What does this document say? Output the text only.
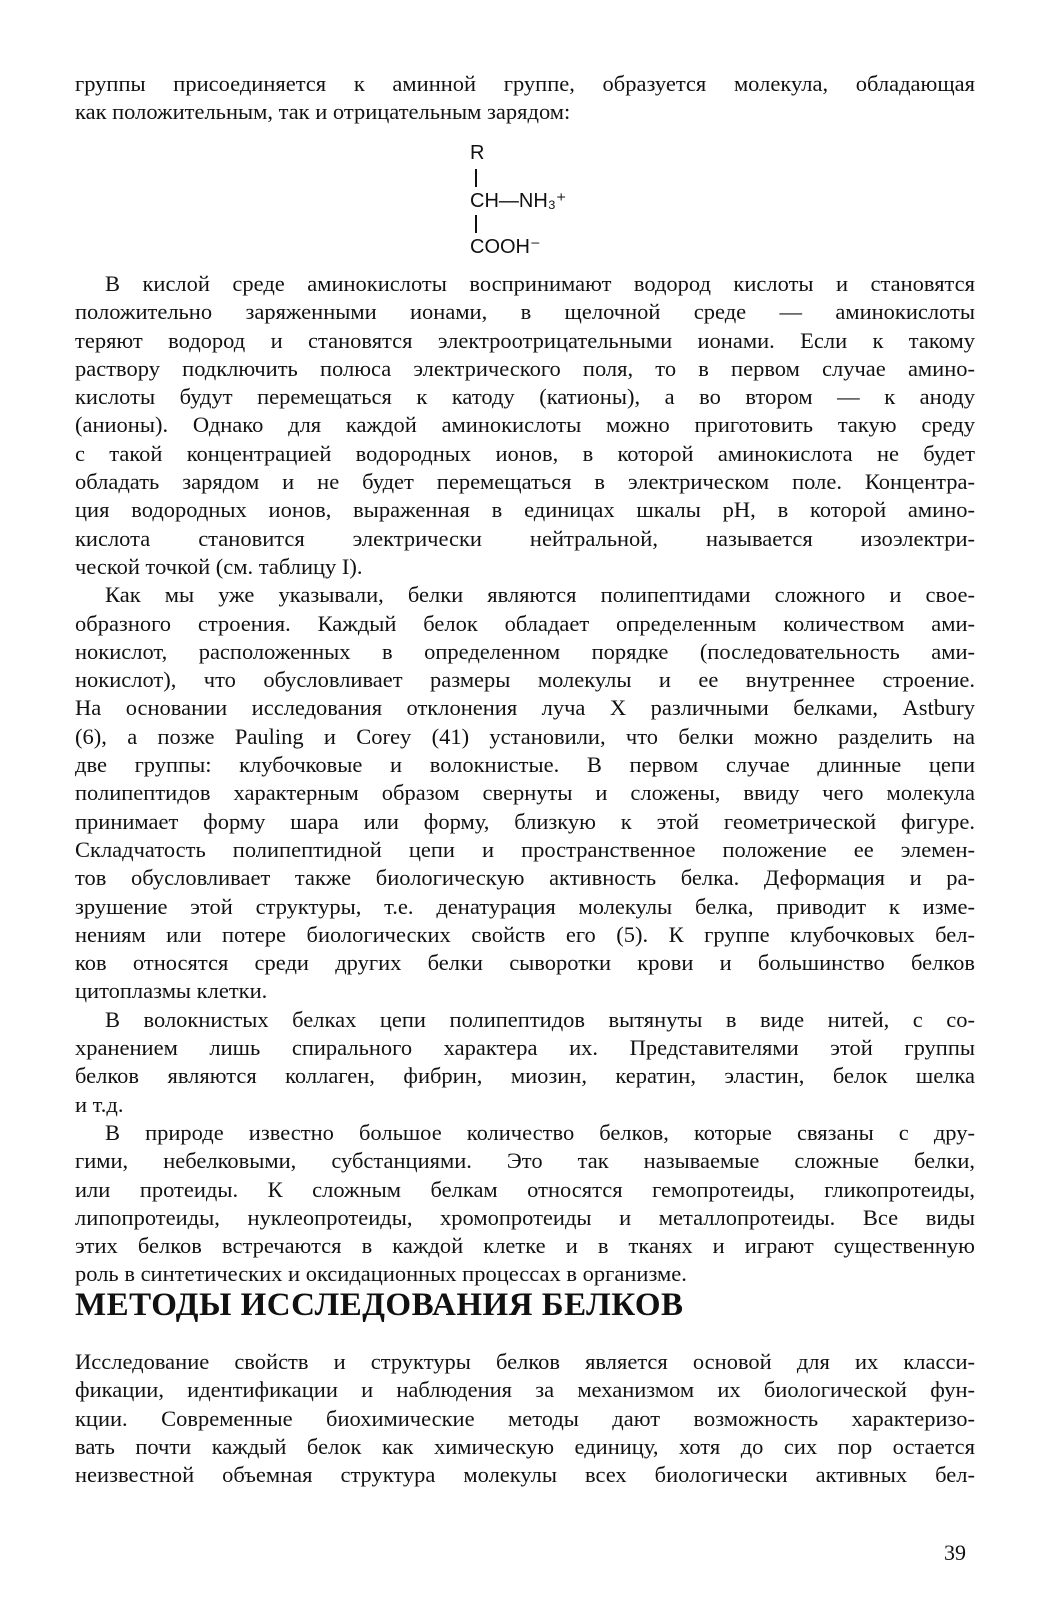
группы присоединяется к аминной группе, образуется молекула, обладающая
как положительным, так и отрицательным зарядом:
R
CH—NH₃⁺
COOH⁻
В кислой среде аминокислоты воспринимают водород кислоты и становятся
положительно заряженными ионами, в щелочной среде — аминокислоты
теряют водород и становятся электроотрицательными ионами. Если к такому
раствору подключить полюса электрического поля, то в первом случае амино-
кислоты будут перемещаться к катоду (катионы), а во втором — к аноду
(анионы). Однако для каждой аминокислоты можно приготовить такую среду
с такой концентрацией водородных ионов, в которой аминокислота не будет
обладать зарядом и не будет перемещаться в электрическом поле. Концентра-
ция водородных ионов, выраженная в единицах шкалы pH, в которой амино-
кислота становится электрически нейтральной, называется изоэлектри-
ческой точкой (см. таблицу I).
Как мы уже указывали, белки являются полипептидами сложного и свое-
образного строения. Каждый белок обладает определенным количеством ами-
нокислот, расположенных в определенном порядке (последовательность ами-
нокислот), что обусловливает размеры молекулы и ее внутреннее строение.
На основании исследования отклонения луча X различными белками, Astbury
(6), а позже Pauling и Corey (41) установили, что белки можно разделить на
две группы: клубочковые и волокнистые. В первом случае длинные цепи
полипептидов характерным образом свернуты и сложены, ввиду чего молекула
принимает форму шара или форму, близкую к этой геометрической фигуре.
Складчатость полипептидной цепи и пространственное положение ее элемен-
тов обусловливает также биологическую активность белка. Деформация и ра-
зрушение этой структуры, т.е. денатурация молекулы белка, приводит к изме-
нениям или потере биологических свойств его (5). К группе клубочковых бел-
ков относятся среди других белки сыворотки крови и большинство белков
цитоплазмы клетки.
В волокнистых белках цепи полипептидов вытянуты в виде нитей, с со-
хранением лишь спирального характера их. Представителями этой группы
белков являются коллаген, фибрин, миозин, кератин, эластин, белок шелка
и т.д.
В природе известно большое количество белков, которые связаны с дру-
гими, небелковыми, субстанциями. Это так называемые сложные белки,
или протеиды. К сложным белкам относятся гемопротеиды, гликопротеиды,
липопротеиды, нуклеопротеиды, хромопротеиды и металлопротеиды. Все виды
этих белков встречаются в каждой клетке и в тканях и играют существенную
роль в синтетических и оксидационных процессах в организме.
МЕТОДЫ ИССЛЕДОВАНИЯ БЕЛКОВ
Исследование свойств и структуры белков является основой для их класси-
фикации, идентификации и наблюдения за механизмом их биологической фун-
кции. Современные биохимические методы дают возможность характеризо-
вать почти каждый белок как химическую единицу, хотя до сих пор остается
неизвестной объемная структура молекулы всех биологически активных бел-
39
